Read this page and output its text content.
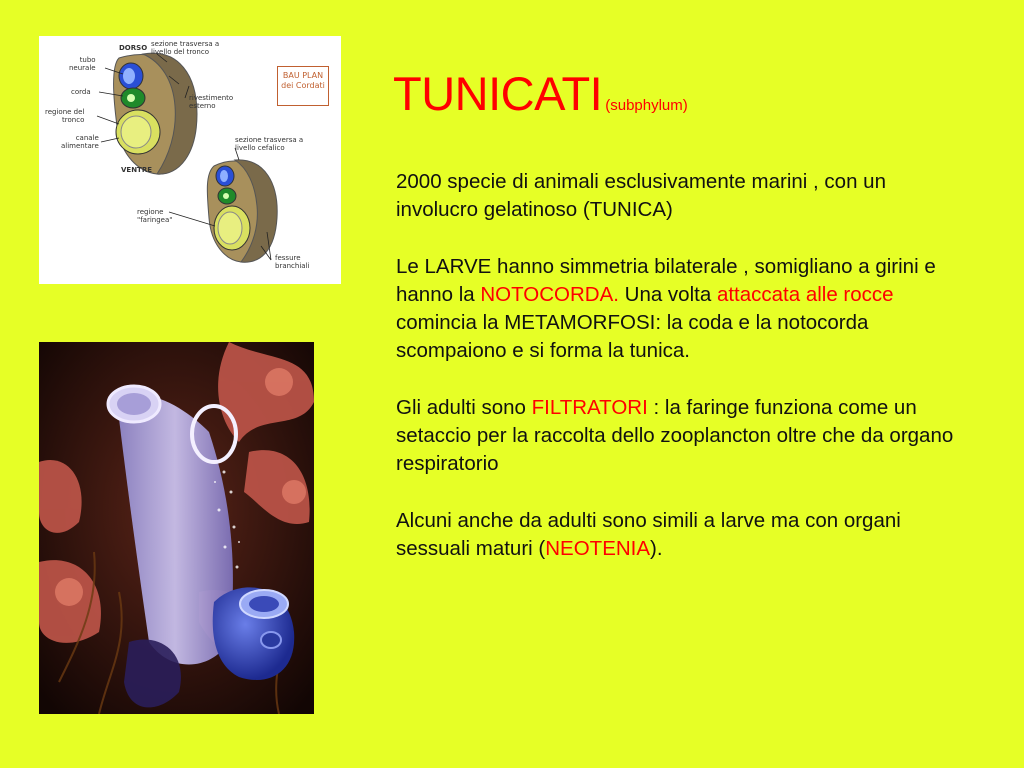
DORSO sezione trasversa a
livello del tronco
tubo
neurale
corda
regione del
tronco
canale
alimentare
rivestimento
esterno
VENTRE
sezione trasversa a
livello cefalico
regione
"faringea"
fessure
branchiali
BAU PLAN
dei Cordati TUNICATI (subphylum)

2000 specie di animali esclusivamente marini , con un involucro gelatinoso (TUNICA)

Le LARVE hanno simmetria bilaterale , somigliano a girini e hanno la NOTOCORDA. Una volta attaccata alle rocce comincia la METAMORFOSI: la coda e la notocorda scompaiono e si forma la tunica.

Gli adulti sono FILTRATORI : la faringe funziona come un setaccio per la raccolta dello zooplancton oltre che da organo respiratorio

Alcuni anche da adulti sono simili a larve ma con organi sessuali maturi (NEOTENIA).
